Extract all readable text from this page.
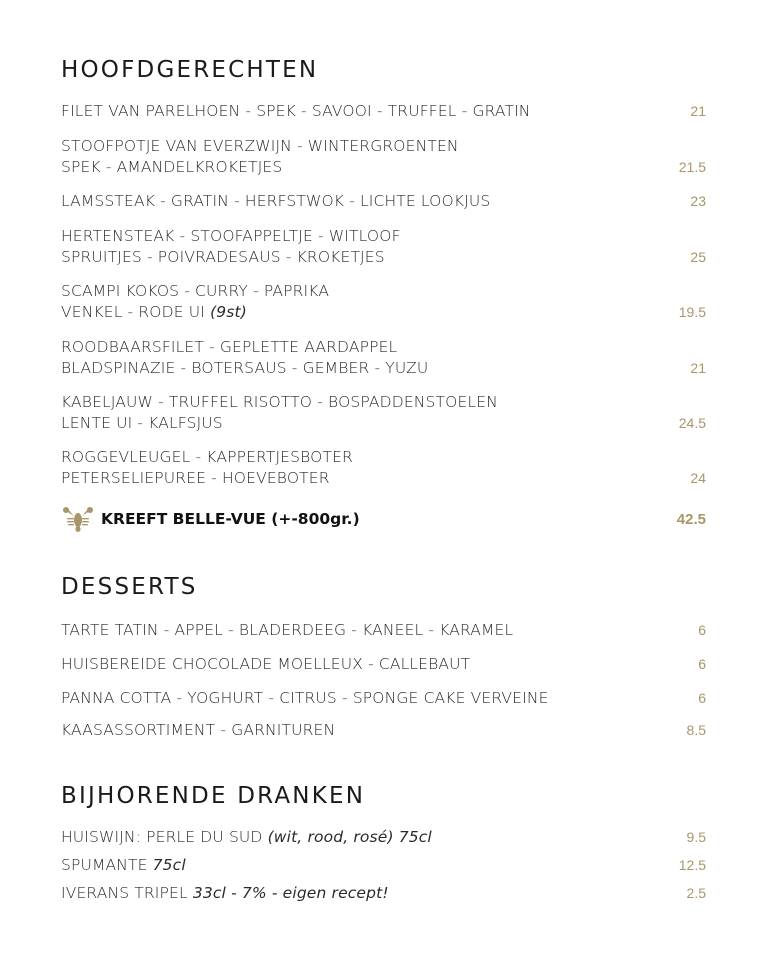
HOOFDGERECHTEN
FILET VAN PARELHOEN - SPEK - SAVOOI - TRUFFEL - GRATIN	21
STOOFPOTJE VAN EVERZWIJN - WINTERGROENTEN
SPEK - AMANDELKROKETJES	21.5
LAMSSTEAK - GRATIN - HERFSTWOK - LICHTE LOOKJUS	23
HERTENSTEAK - STOOFAPPELTJE - WITLOOF
SPRUITJES - POIVRADESAUS - KROKETJES	25
SCAMPI KOKOS - CURRY - PAPRIKA
VENKEL - RODE UI (9st)	19.5
ROODBAARSFILET - GEPLETTE AARDAPPEL
BLADSPINAZIE - BOTERSAUS - GEMBER - YUZU	21
KABELJAUW - TRUFFEL RISOTTO - BOSPADDENSTOELEN
LENTE UI - KALFSJUS	24.5
ROGGEVLEUGEL - KAPPERTJESBOTER
PETERSELIEPUREE - HOEVEBOTER	24
KREEFT BELLE-VUE (+-800gr.)	42.5
DESSERTS
TARTE TATIN - APPEL - BLADERDEEG - KANEEL - KARAMEL	6
HUISBEREIDE CHOCOLADE MOELLEUX - CALLEBAUT	6
PANNA COTTA - YOGHURT - CITRUS - SPONGE CAKE VERVEINE	6
KAASASSORTIMENT - GARNITUREN	8.5
BIJHORENDE DRANKEN
HUISWIJN: PERLE DU SUD (wit, rood, rosé) 75cl	9.5
SPUMANTE 75cl	12.5
IVERANS TRIPEL 33cl - 7% - eigen recept!	2.5
